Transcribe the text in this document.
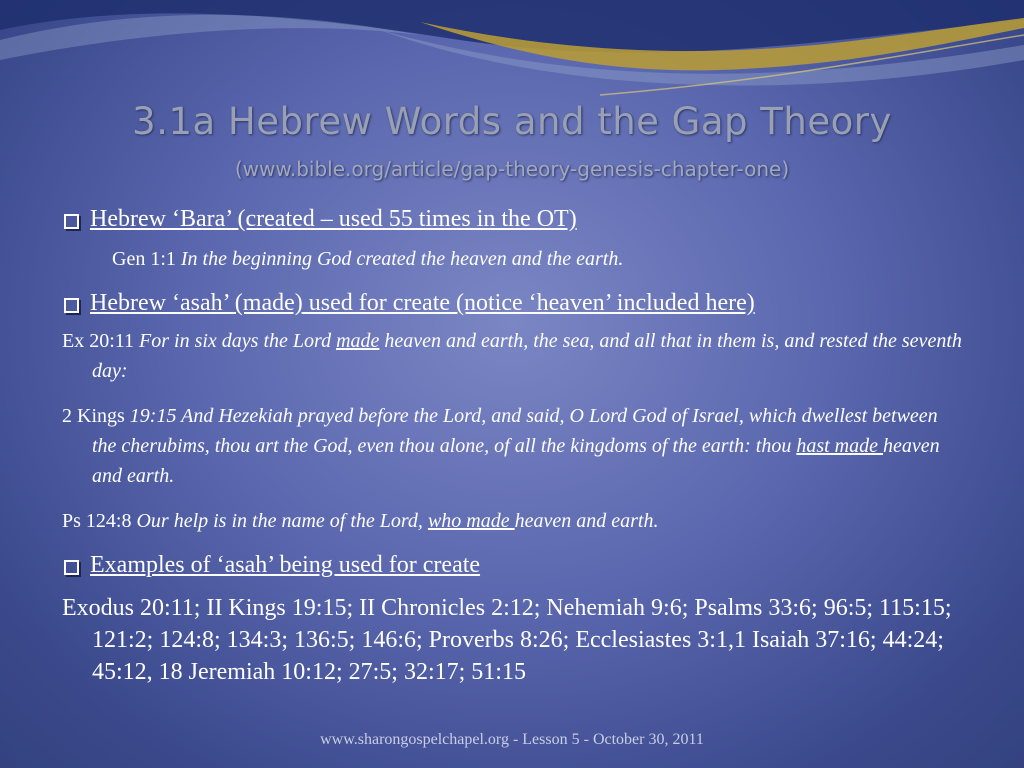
3.1a Hebrew Words and the Gap Theory
(www.bible.org/article/gap-theory-genesis-chapter-one)
Hebrew ‘Bara’ (created – used 55 times in the OT)
Gen 1:1 In the beginning God created the heaven and the earth.
Hebrew ‘asah’ (made) used for create (notice ‘heaven’ included here)
Ex 20:11 For in six days the Lord made heaven and earth, the sea, and all that in them is, and rested the seventh day:
2 Kings 19:15 And Hezekiah prayed before the Lord, and said, O Lord God of Israel, which dwellest between the cherubims, thou art the God, even thou alone, of all the kingdoms of the earth: thou hast made heaven and earth.
Ps 124:8 Our help is in the name of the Lord, who made heaven and earth.
Examples of ‘asah’ being used for create
Exodus 20:11; II Kings 19:15; II Chronicles 2:12; Nehemiah 9:6; Psalms 33:6; 96:5; 115:15; 121:2; 124:8; 134:3; 136:5; 146:6; Proverbs 8:26; Ecclesiastes 3:1,1 Isaiah 37:16; 44:24; 45:12, 18 Jeremiah 10:12; 27:5; 32:17; 51:15
www.sharongospelchapel.org - Lesson 5 - October 30, 2011
